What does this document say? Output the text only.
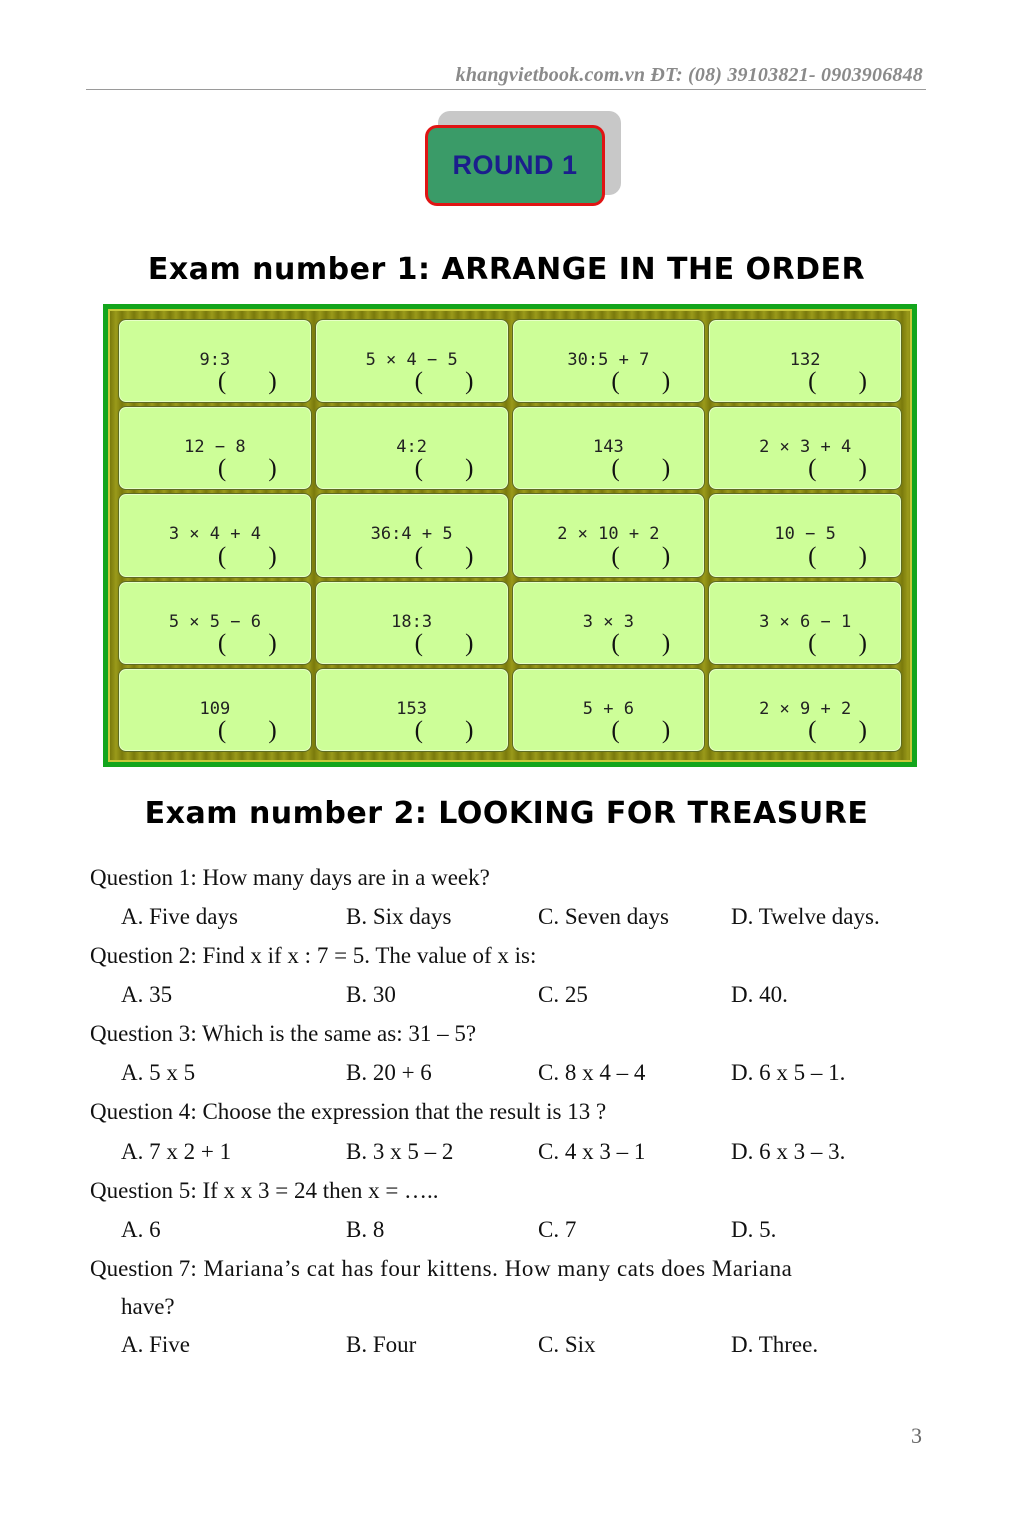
khangvietbook.com.vn ĐT: (08) 39103821- 0903906848
ROUND 1
Exam number 1: ARRANGE IN THE ORDER
9:3
( )
5 × 4 − 5
( )
30:5 + 7
( )
132
( )
12 − 8
( )
4:2
( )
143
( )
2 × 3 + 4
( )
3 × 4 + 4
( )
36:4 + 5
( )
2 × 10 + 2
( )
10 − 5
( )
5 × 5 − 6
( )
18:3
( )
3 × 3
( )
3 × 6 − 1
( )
109
( )
153
( )
5 + 6
( )
2 × 9 + 2
( )
Exam number 2: LOOKING FOR TREASURE
Question 1: How many days are in a week?
A. Five days	B. Six days	C. Seven days	D. Twelve days.
Question 2: Find x if x : 7 = 5. The value of x is:
A. 35	B. 30	C. 25	D. 40.
Question 3: Which is the same as: 31 – 5?
A. 5 x 5	B. 20 + 6	C. 8 x 4 – 4	D. 6 x 5 – 1.
Question 4: Choose the expression that the result is 13 ?
A. 7 x 2 + 1	B. 3 x 5 – 2	C. 4 x 3 – 1	D. 6 x 3 – 3.
Question 5: If x x 3 = 24 then x = …..
A. 6	B. 8	C. 7	D. 5.
Question 7: Mariana’s cat has four kittens. How many cats does Mariana
have?
A. Five	B. Four	C. Six	D. Three.
3
